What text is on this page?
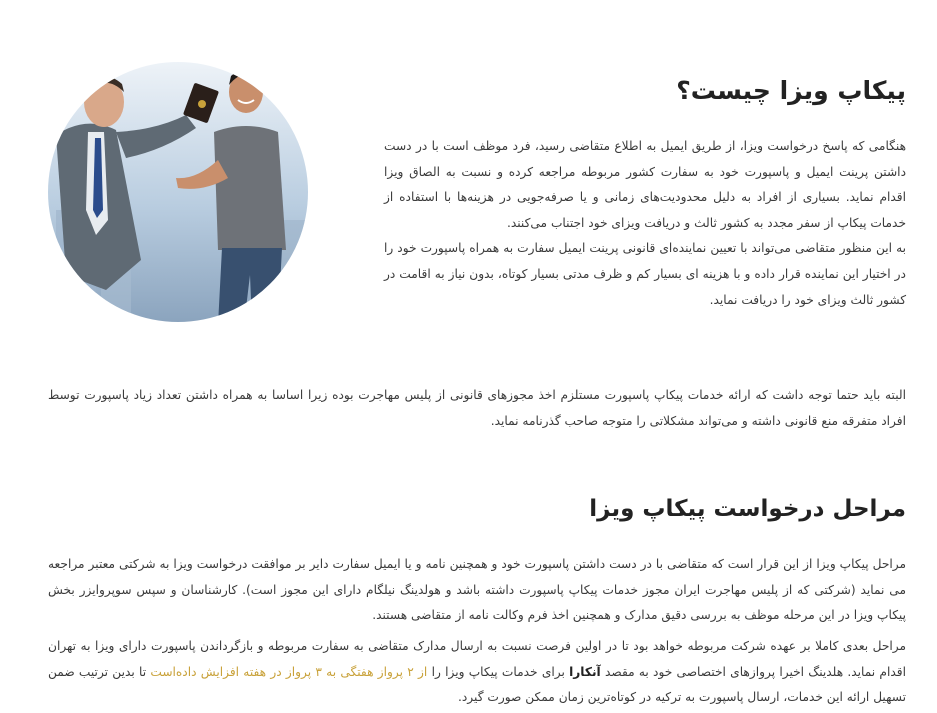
پیکاپ ویزا چیست؟

هنگامی که پاسخ درخواست ویزا، از طریق ایمیل به اطلاع متقاضی رسید، فرد موظف است با در دست داشتن پرینت ایمیل و پاسپورت خود به سفارت کشور مربوطه مراجعه کرده و نسبت به الصاق ویزا اقدام نماید. بسیاری از افراد به دلیل محدودیت‌های زمانی و یا صرفه‌جویی در هزینه‌ها با استفاده از خدمات پیکاپ از سفر مجدد به کشور ثالث و دریافت ویزای خود اجتناب می‌کنند.
به این منظور متقاضی می‌تواند با تعیین نماینده‌ای قانونی پرینت ایمیل سفارت به همراه پاسپورت خود را در اختیار این نماینده قرار داده و با هزینه ای بسیار کم و ظرف مدتی بسیار کوتاه، بدون نیاز به اقامت در کشور ثالث ویزای خود را دریافت نماید.

البته باید حتما توجه داشت که ارائه خدمات پیکاپ پاسپورت مستلزم اخذ مجوزهای قانونی از پلیس مهاجرت بوده زیرا اساسا به همراه داشتن تعداد زیاد پاسپورت توسط افراد متفرقه منع قانونی داشته و می‌تواند مشکلاتی را متوجه صاحب گذرنامه نماید.

مراحل درخواست پیکاپ ویزا

مراحل پیکاپ ویزا از این قرار است که متقاضی با در دست داشتن پاسپورت خود و همچنین نامه و یا ایمیل سفارت دایر بر موافقت درخواست ویزا به شرکتی معتبر مراجعه می نماید (شرکتی که از پلیس مهاجرت ایران مجوز خدمات پیکاپ پاسپورت داشته باشد و هولدینگ نیلگام دارای این مجوز است). کارشناسان و سپس سوپروایزر بخش پیکاپ ویزا در این مرحله موظف به بررسی دقیق مدارک و همچنین اخذ فرم وکالت نامه از متقاضی هستند.

مراحل بعدی کاملا بر عهده شرکت مربوطه خواهد بود تا در اولین فرصت نسبت به ارسال مدارک متقاضی به سفارت مربوطه و بازگرداندن پاسپورت دارای ویزا به تهران اقدام نماید. هلدینگ اخیرا پروازهای اختصاصی خود به مقصد آنکارا برای خدمات پیکاپ ویزا را از ۲ پرواز هفتگی به ۳ پرواز در هفته افزایش داده‌است تا بدین ترتیب ضمن تسهیل ارائه این خدمات، ارسال پاسپورت به ترکیه در کوتاه‌ترین زمان ممکن صورت گیرد.
